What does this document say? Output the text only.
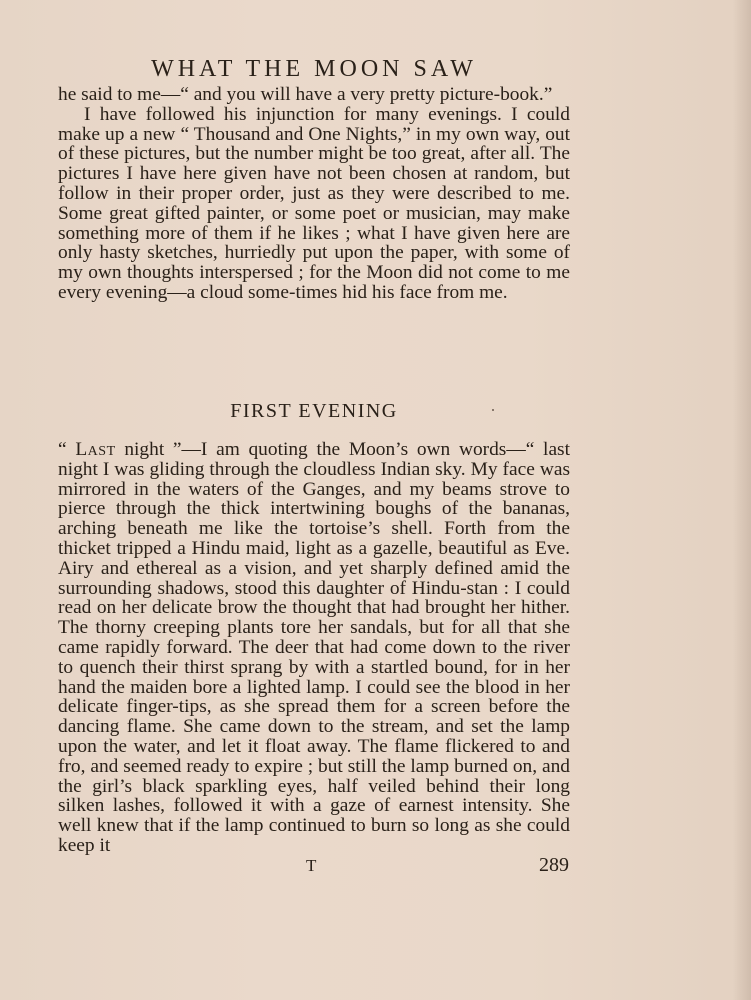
WHAT THE MOON SAW

he said to me—“ and you will have a very pretty picture-book.”

I have followed his injunction for many evenings. I could make up a new “ Thousand and One Nights,” in my own way, out of these pictures, but the number might be too great, after all. The pictures I have here given have not been chosen at random, but follow in their proper order, just as they were described to me. Some great gifted painter, or some poet or musician, may make something more of them if he likes ; what I have given here are only hasty sketches, hurriedly put upon the paper, with some of my own thoughts interspersed ; for the Moon did not come to me every evening—a cloud some-times hid his face from me.

FIRST EVENING

“ Last night ”—I am quoting the Moon’s own words—“ last night I was gliding through the cloudless Indian sky. My face was mirrored in the waters of the Ganges, and my beams strove to pierce through the thick intertwining boughs of the bananas, arching beneath me like the tortoise’s shell. Forth from the thicket tripped a Hindu maid, light as a gazelle, beautiful as Eve. Airy and ethereal as a vision, and yet sharply defined amid the surrounding shadows, stood this daughter of Hindu-stan : I could read on her delicate brow the thought that had brought her hither. The thorny creeping plants tore her sandals, but for all that she came rapidly forward. The deer that had come down to the river to quench their thirst sprang by with a startled bound, for in her hand the maiden bore a lighted lamp. I could see the blood in her delicate finger-tips, as she spread them for a screen before the dancing flame. She came down to the stream, and set the lamp upon the water, and let it float away. The flame flickered to and fro, and seemed ready to expire ; but still the lamp burned on, and the girl’s black sparkling eyes, half veiled behind their long silken lashes, followed it with a gaze of earnest intensity. She well knew that if the lamp continued to burn so long as she could keep it

T	289
